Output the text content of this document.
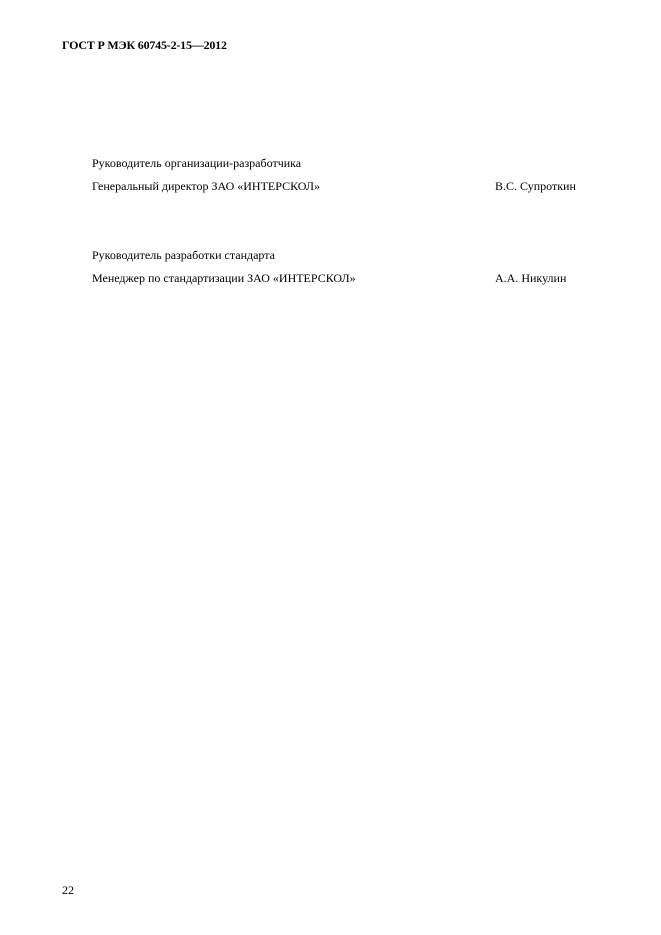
ГОСТ Р МЭК 60745-2-15—2012
Руководитель организации-разработчика
Генеральный директор ЗАО «ИНТЕРСКОЛ»	В.С. Супроткин
Руководитель разработки стандарта
Менеджер по стандартизации ЗАО «ИНТЕРСКОЛ»	А.А. Никулин
22
